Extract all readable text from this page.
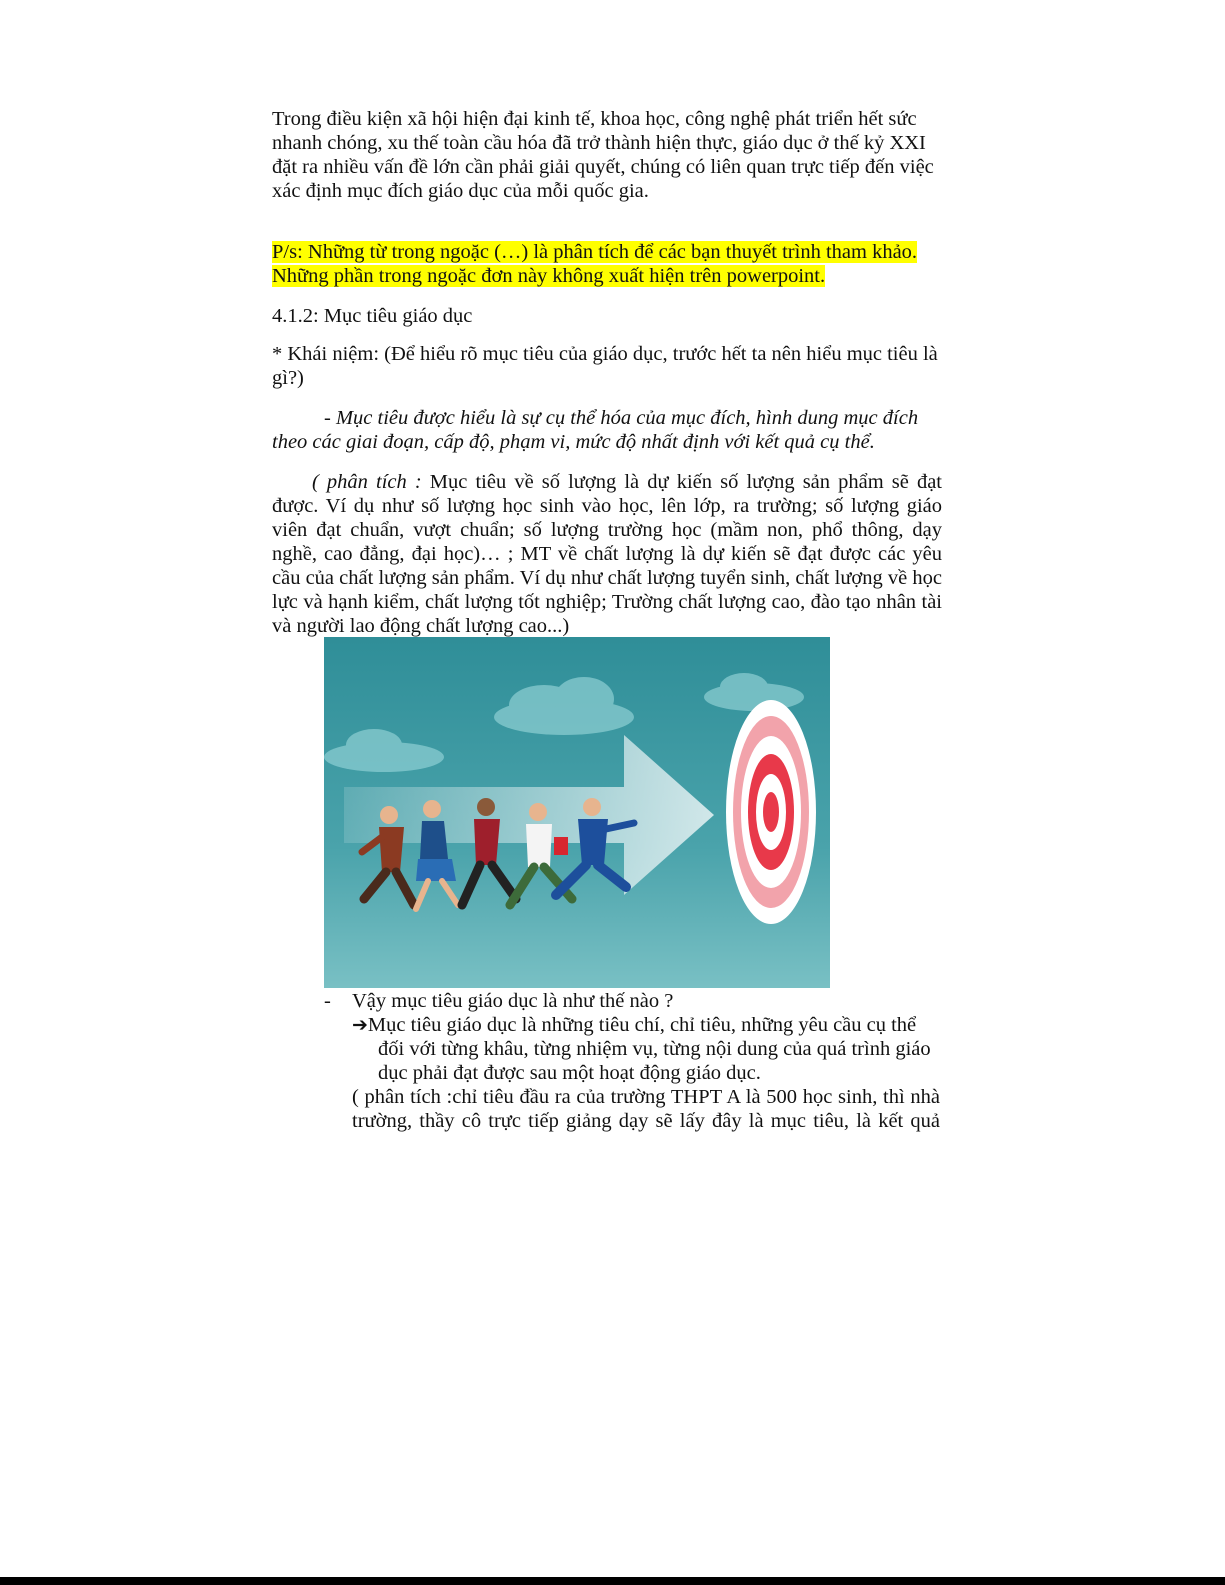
Trong điều kiện xã hội hiện đại kinh tế, khoa học, công nghệ phát triển hết sức nhanh chóng, xu thế toàn cầu hóa đã trở thành hiện thực, giáo dục ở thế kỷ XXI đặt ra nhiều vấn đề lớn cần phải giải quyết, chúng có liên quan trực tiếp đến việc xác định mục đích giáo dục của mỗi quốc gia.
P/s: Những từ trong ngoặc (…) là phân tích để các bạn thuyết trình tham khảo.
Những phần trong ngoặc đơn này không xuất hiện trên powerpoint.
4.1.2: Mục tiêu giáo dục
* Khái niệm: (Để hiểu rõ mục tiêu của giáo dục, trước hết ta nên hiểu mục tiêu là gì?)
- Mục tiêu được hiểu là sự cụ thể hóa của mục đích, hình dung mục đích theo các giai đoạn, cấp độ, phạm vi, mức độ nhất định với kết quả cụ thể.
( phân tích : Mục tiêu về số lượng là dự kiến số lượng sản phẩm sẽ đạt được. Ví dụ như số lượng học sinh vào học, lên lớp, ra trường; số lượng giáo viên đạt chuẩn, vượt chuẩn; số lượng trường học (mầm non, phổ thông, dạy nghề, cao đẳng, đại học)… ; MT về chất lượng là dự kiến sẽ đạt được các yêu cầu của chất lượng sản phẩm. Ví dụ như chất lượng tuyển sinh, chất lượng về học lực và hạnh kiểm, chất lượng tốt nghiệp; Trường chất lượng cao, đào tạo nhân tài và người lao động chất lượng cao...)
- Vậy mục tiêu giáo dục là như thế nào ?
➔Mục tiêu giáo dục là những tiêu chí, chỉ tiêu, những yêu cầu cụ thể đối với từng khâu, từng nhiệm vụ, từng nội dung của quá trình giáo dục phải đạt được sau một hoạt động giáo dục.
( phân tích :chỉ tiêu đầu ra của trường THPT A là 500 học sinh, thì nhà trường, thầy cô trực tiếp giảng dạy sẽ lấy đây là mục tiêu, là kết quả
